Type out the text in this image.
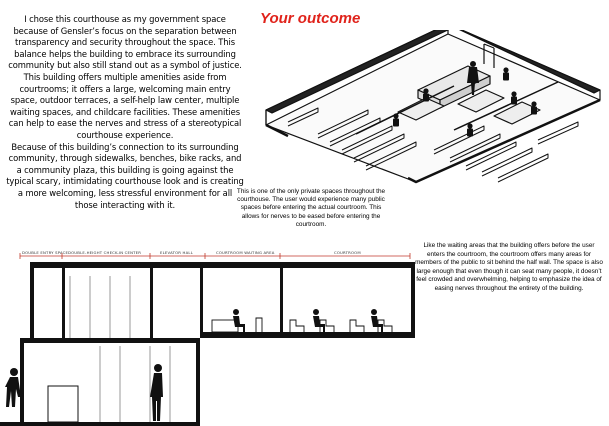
I chose this courthouse as my government space because of Gensler’s focus on the separation between transparency and security throughout the space. This balance helps the building to embrace its surrounding community but also still stand out as a symbol of justice. This building offers multiple amenities aside from courtrooms; it offers a large, welcoming main entry space, outdoor terraces, a self-help law center, multiple waiting spaces, and childcare facilities. These amenities can help to ease the nerves and stress of a stereotypical courthouse experience.

Because of this building’s connection to its surrounding community, through sidewalks, benches, bike racks, and a community plaza, this building is going against the typical scary, intimidating courthouse look and is creating a more welcoming, less stressful environment for all those interacting with it.

Your outcome
This is one of the only private spaces throughout the courthouse. The user would experience many public spaces before entering the actual courtroom. This allows for nerves to be eased before entering the courtroom.
Like the waiting areas that the building offers before the user enters the courtroom, the courtroom offers many areas for members of the public to sit behind the half wall. The space is also large enough that even though it can seat many people, it doesn’t feel crowded and overwhelming, helping to emphasize the idea of easing nerves throughout the entirety of the building.
DOUBLE ENTRY SPACE DOUBLE-HEIGHT CHECK-IN CENTER	ELEVATOR HALL	COURTROOM WAITING AREA	COURTROOM
